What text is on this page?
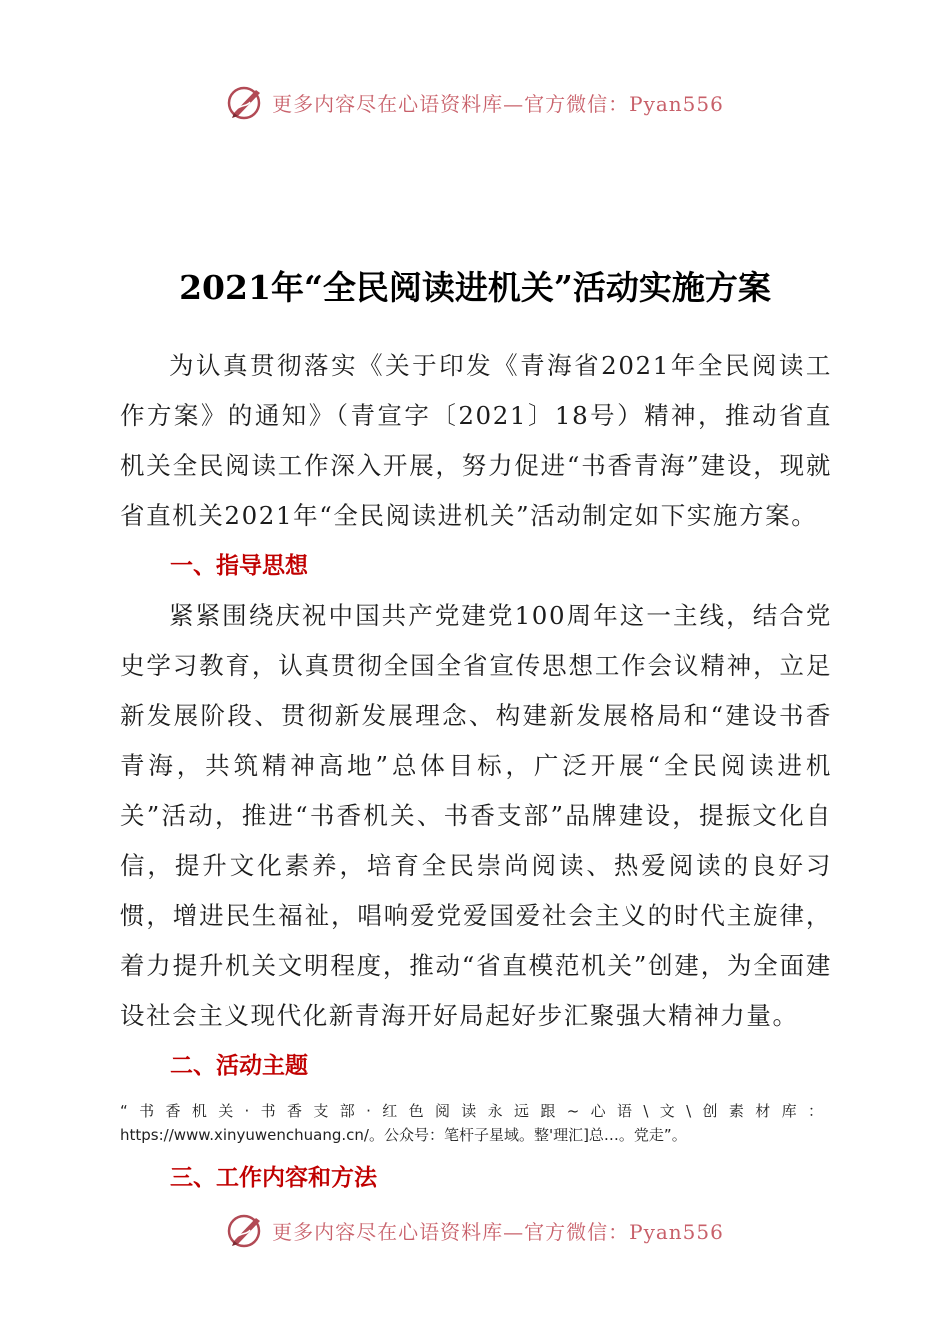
更多内容尽在心语资料库—官方微信：Pyan556
2021年“全民阅读进机关”活动实施方案

为认真贯彻落实《关于印发《青海省2021年全民阅读工作方案》的通知》（青宣字〔2021〕18号）精神，推动省直机关全民阅读工作深入开展，努力促进“书香青海”建设，现就省直机关2021年“全民阅读进机关”活动制定如下实施方案。

一、指导思想

紧紧围绕庆祝中国共产党建党100周年这一主线，结合党史学习教育，认真贯彻全国全省宣传思想工作会议精神，立足新发展阶段、贯彻新发展理念、构建新发展格局和“建设书香青海，共筑精神高地”总体目标，广泛开展“全民阅读进机关”活动，推进“书香机关、书香支部”品牌建设，提振文化自信，提升文化素养，培育全民崇尚阅读、热爱阅读的良好习惯，增进民生福祉，唱响爱党爱国爱社会主义的时代主旋律，着力提升机关文明程度，推动“省直模范机关”创建，为全面建设社会主义现代化新青海开好局起好步汇聚强大精神力量。

二、活动主题

“书香机关·书香支部·红色阅读永远跟~心语\文\创素材库：https://www.xinyuwenchuang.cn/。公众号：笔杆子星域。整'理汇]总…。党走”。

三、工作内容和方法
更多内容尽在心语资料库—官方微信：Pyan556
